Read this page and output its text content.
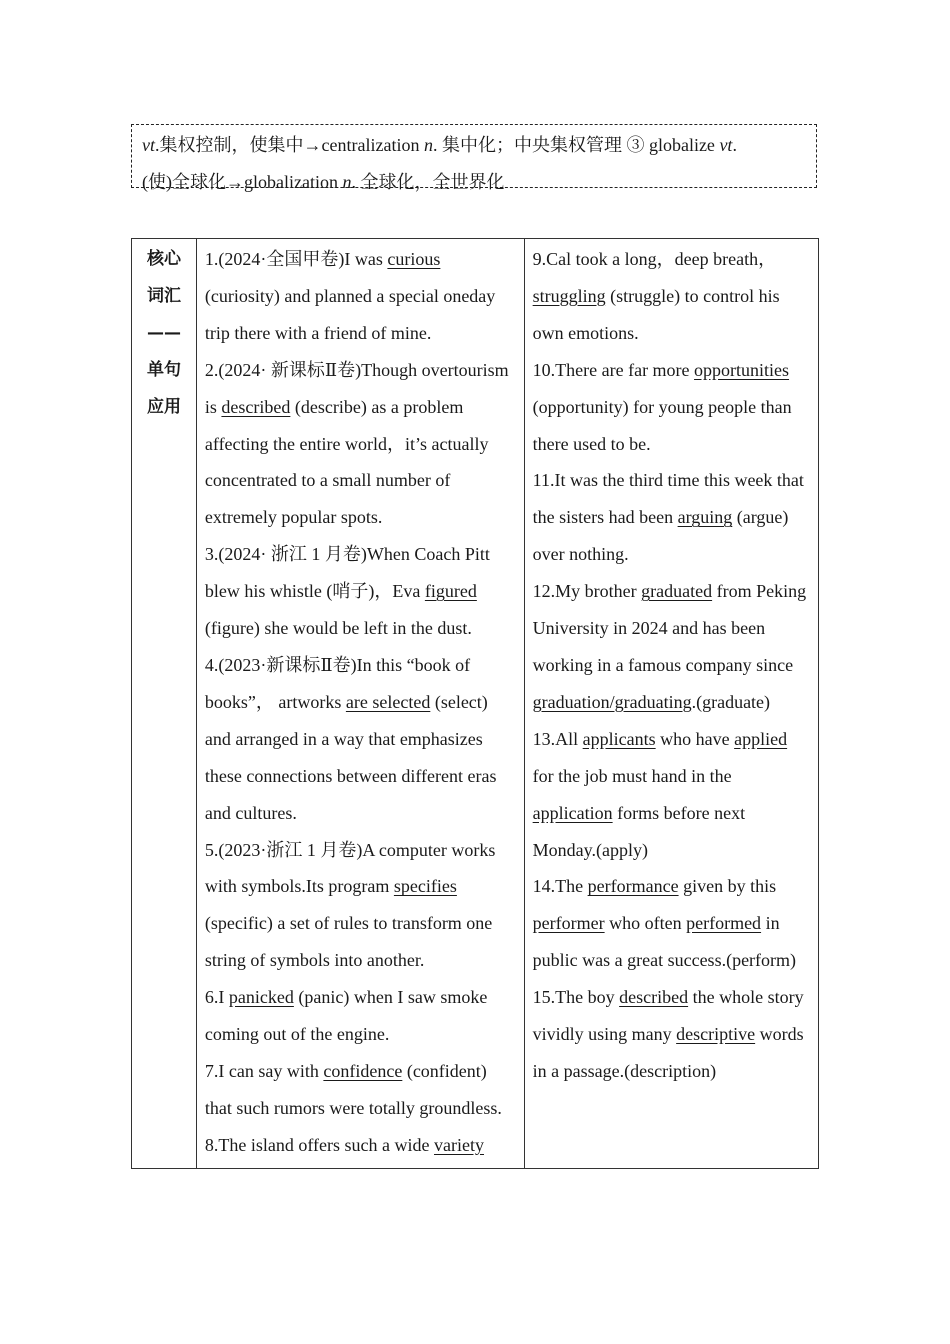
vt.集权控制，使集中→centralization n. 集中化；中央集权管理 ③ globalize vt.
(使)全球化→globalization n. 全球化，全世界化
核心
词汇
——
单句
应用

1.(2024·全国甲卷)I was curious (curiosity) and planned a special oneday trip there with a friend of mine.
2.(2024· 新课标Ⅱ卷)Though overtourism is described (describe) as a problem affecting the entire world，it’s actually concentrated to a small number of extremely popular spots.
3.(2024· 浙江 1 月卷)When Coach Pitt blew his whistle (哨子)，Eva figured (figure) she would be left in the dust.
4.(2023·新课标Ⅱ卷)In this “book of books”， artworks are selected (select) and arranged in a way that emphasizes these connections between different eras and cultures.
5.(2023·浙江 1 月卷)A computer works with symbols.Its program specifies (specific) a set of rules to transform one string of symbols into another.
6.I panicked (panic) when I saw smoke coming out of the engine.
7.I can say with confidence (confident) that such rumors were totally groundless.
8.The island offers such a wide variety

9.Cal took a long，deep breath，struggling (struggle) to control his own emotions.
10.There are far more opportunities (opportunity) for young people than there used to be.
11.It was the third time this week that the sisters had been arguing (argue) over nothing.
12.My brother graduated from Peking University in 2024 and has been working in a famous company since graduation/graduating.(graduate)
13.All applicants who have applied for the job must hand in the application forms before next Monday.(apply)
14.The performance given by this performer who often performed in public was a great success.(perform)
15.The boy described the whole story vividly using many descriptive words in a passage.(description)
